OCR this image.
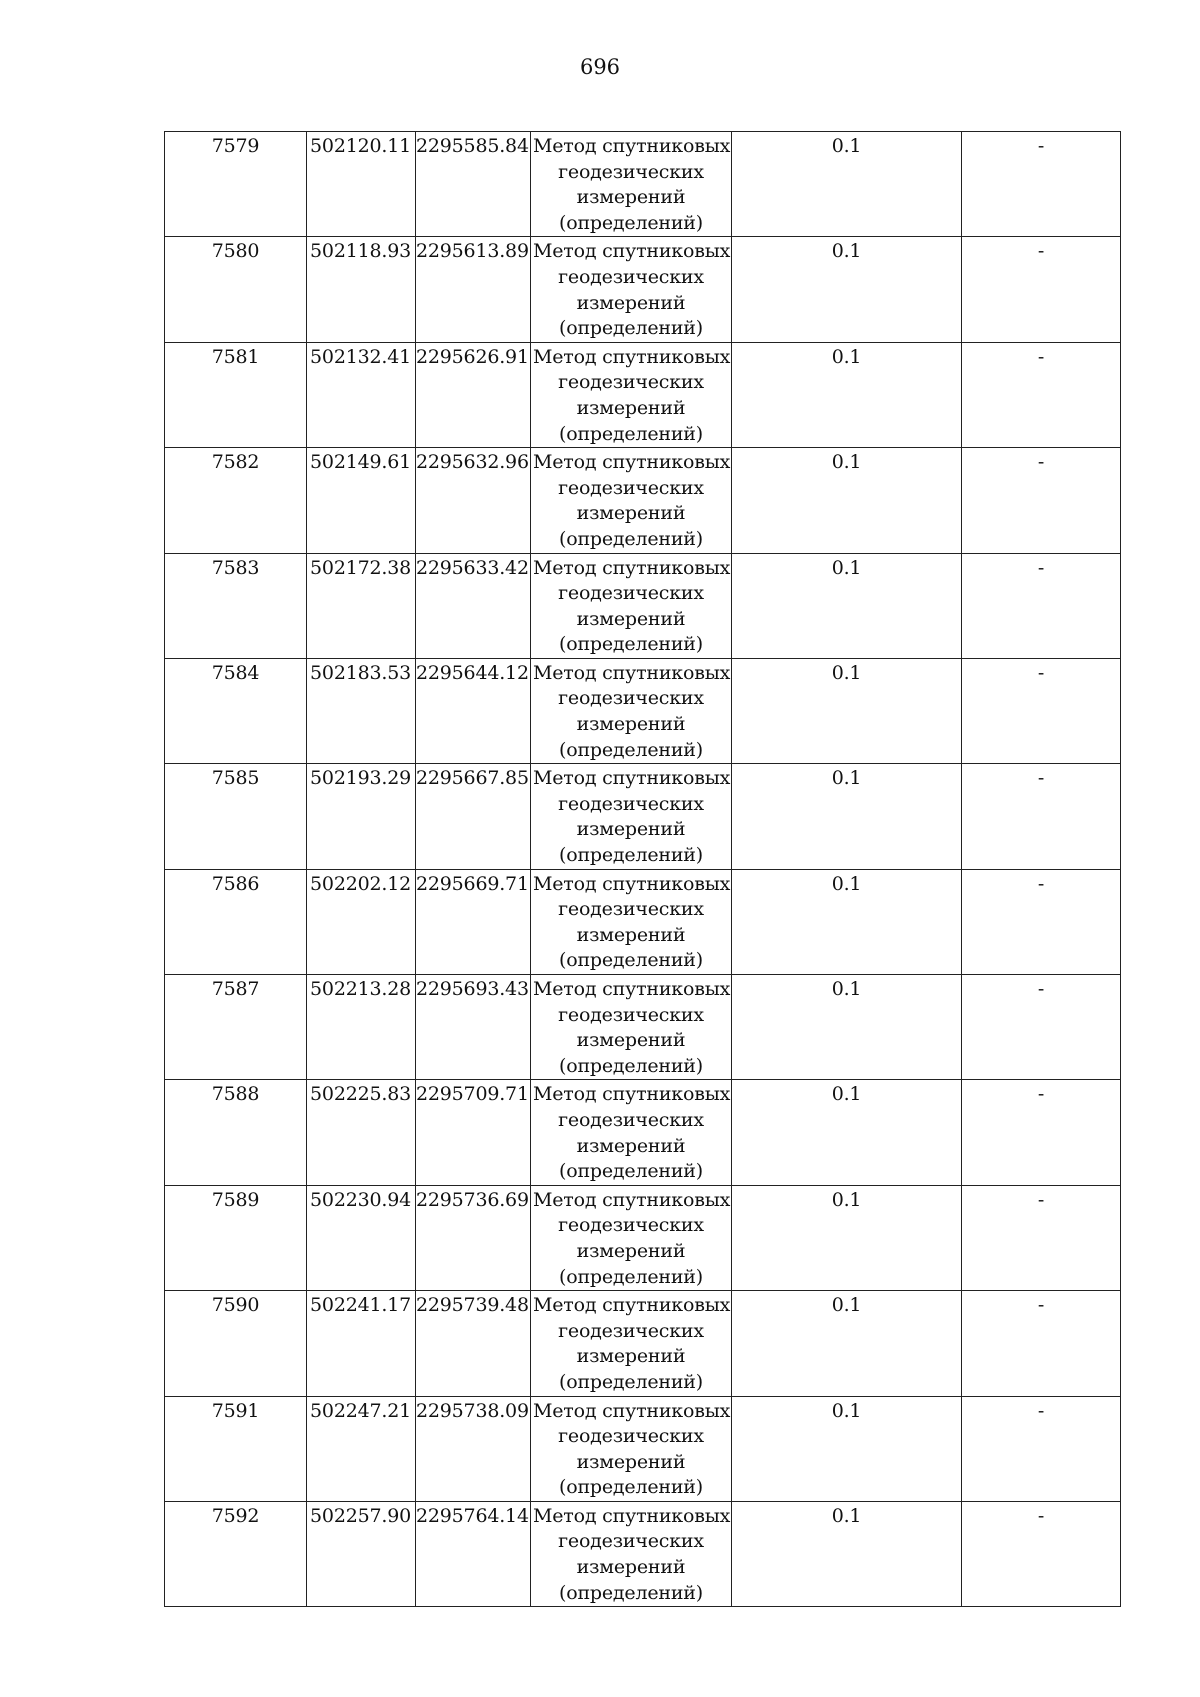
696
7579	502120.11	2295585.84	Метод спутниковых
геодезических
измерений
(определений)	0.1	-
7580	502118.93	2295613.89	Метод спутниковых
геодезических
измерений
(определений)	0.1	-
7581	502132.41	2295626.91	Метод спутниковых
геодезических
измерений
(определений)	0.1	-
7582	502149.61	2295632.96	Метод спутниковых
геодезических
измерений
(определений)	0.1	-
7583	502172.38	2295633.42	Метод спутниковых
геодезических
измерений
(определений)	0.1	-
7584	502183.53	2295644.12	Метод спутниковых
геодезических
измерений
(определений)	0.1	-
7585	502193.29	2295667.85	Метод спутниковых
геодезических
измерений
(определений)	0.1	-
7586	502202.12	2295669.71	Метод спутниковых
геодезических
измерений
(определений)	0.1	-
7587	502213.28	2295693.43	Метод спутниковых
геодезических
измерений
(определений)	0.1	-
7588	502225.83	2295709.71	Метод спутниковых
геодезических
измерений
(определений)	0.1	-
7589	502230.94	2295736.69	Метод спутниковых
геодезических
измерений
(определений)	0.1	-
7590	502241.17	2295739.48	Метод спутниковых
геодезических
измерений
(определений)	0.1	-
7591	502247.21	2295738.09	Метод спутниковых
геодезических
измерений
(определений)	0.1	-
7592	502257.90	2295764.14	Метод спутниковых
геодезических
измерений
(определений)	0.1	-
